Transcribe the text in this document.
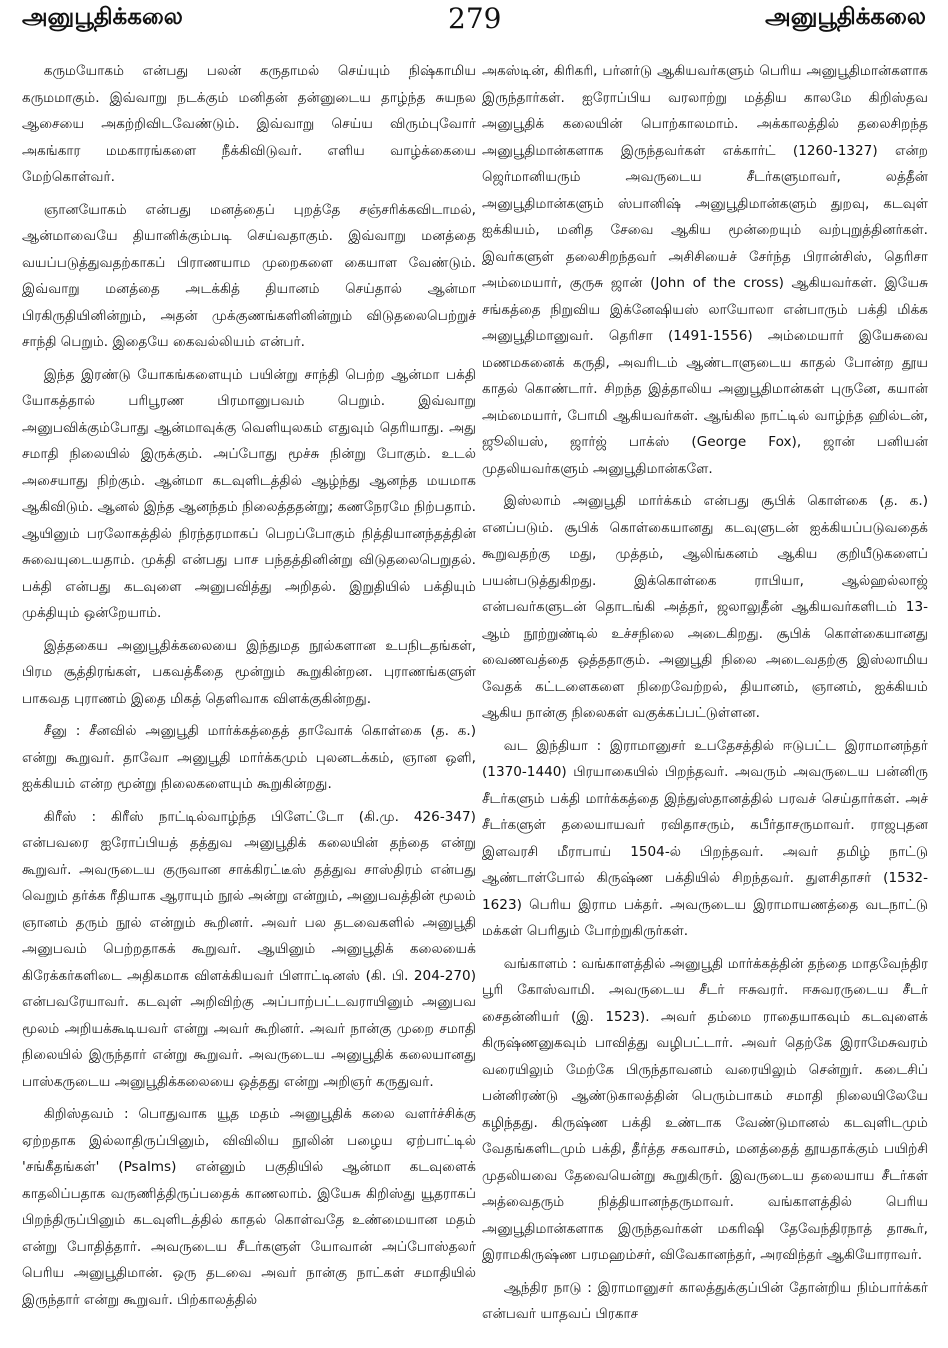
அனுபூதிக்கலை	279	அனுபூதிக்கலை

கருமயோகம் என்பது பலன் கருதாமல் செய்யும் நிஷ்காமிய கருமமாகும். இவ்வாறு நடக்கும் மனிதன் தன்னுடைய தாழ்ந்த சுயநல ஆசையை அகற்றிவிடவேண்டும். இவ்வாறு செய்ய விரும்புவோர் அகங்கார மமகாரங்களை நீக்கிவிடுவர். எளிய வாழ்க்கையை மேற்கொள்வர்.

ஞானயோகம் என்பது மனத்தைப் புறத்தே சஞ்சரிக்கவிடாமல், ஆன்மாவையே தியானிக்கும்படி செய்வதாகும். இவ்வாறு மனத்தை வயப்படுத்துவதற்காகப் பிராணயாம முறைகளை கையாள வேண்டும். இவ்வாறு மனத்தை அடக்கித் தியானம் செய்தால் ஆன்மா பிரகிருதியினின்றும், அதன் முக்குணங்களினின்றும் விடுதலைபெற்றுச் சாந்தி பெறும். இதையே கைவல்லியம் என்பர்.

இந்த இரண்டு யோகங்களையும் பயின்று சாந்தி பெற்ற ஆன்மா பக்தி யோகத்தால் பரிபூரண பிரமானுபவம் பெறும். இவ்வாறு அனுபவிக்கும்போது ஆன்மாவுக்கு வெளியுலகம் எதுவும் தெரியாது. அது சமாதி நிலையில் இருக்கும். அப்போது மூச்சு நின்று போகும். உடல் அசையாது நிற்கும். ஆன்மா கடவுளிடத்தில் ஆழ்ந்து ஆனந்த மயமாக ஆகிவிடும். ஆனல் இந்த ஆனந்தம் நிலைத்ததன்று; கணநேரமே நிற்பதாம். ஆயினும் பரலோகத்தில் நிரந்தரமாகப் பெறப்போகும் நித்தியானந்தத்தின் சுவையுடையதாம். முக்தி என்பது பாச பந்தத்தினின்று விடுதலைபெறுதல். பக்தி என்பது கடவுளை அனுபவித்து அறிதல். இறுதியில் பக்தியும் முக்தியும் ஒன்றேயாம்.

இத்தகைய அனுபூதிக்கலையை இந்துமத நூல்களான உபநிடதங்கள், பிரம சூத்திரங்கள், பகவத்கீதை மூன்றும் கூறுகின்றன. புராணங்களுள் பாகவத புராணம் இதை மிகத் தெளிவாக விளக்குகின்றது.

சீனு : சீனவில் அனுபூதி மார்க்கத்தைத் தாவோக் கொள்கை (த. க.) என்று கூறுவர். தாவோ அனுபூதி மார்க்கமும் புலனடக்கம், ஞான ஒளி, ஐக்கியம் என்ற மூன்று நிலைகளையும் கூறுகின்றது.

கிரீஸ் : கிரீஸ் நாட்டில்வாழ்ந்த பிளேட்டோ (கி.மு. 426-347) என்பவரை ஐரோப்பியத் தத்துவ அனுபூதிக் கலையின் தந்தை என்று கூறுவர். அவருடைய குருவான சாக்கிரட்டீஸ் தத்துவ சாஸ்திரம் என்பது வெறும் தர்க்க ரீதியாக ஆராயும் நூல் அன்று என்றும், அனுபவத்தின் மூலம் ஞானம் தரும் நூல் என்றும் கூறினர். அவர் பல தடவைகளில் அனுபூதி அனுபவம் பெற்றதாகக் கூறுவர். ஆயினும் அனுபூதிக் கலையைக் கிரேக்கர்களிடை அதிகமாக விளக்கியவர் பிளாட்டினஸ் (கி. பி. 204-270) என்பவரேயாவர். கடவுள் அறிவிற்கு அப்பாற்பட்டவராயினும் அனுபவ மூலம் அறியக்கூடியவர் என்று அவர் கூறினர். அவர் நான்கு முறை சமாதி நிலையில் இருந்தார் என்று கூறுவர். அவருடைய அனுபூதிக் கலையானது பாஸ்கருடைய அனுபூதிக்கலையை ஒத்தது என்று அறிஞர் கருதுவர்.

கிறிஸ்தவம் : பொதுவாக யூத மதம் அனுபூதிக் கலை வளர்ச்சிக்கு ஏற்றதாக இல்லாதிருப்பினும், விவிலிய நூலின் பழைய ஏற்பாட்டில் 'சங்கீதங்கள்' (Psalms) என்னும் பகுதியில் ஆன்மா கடவுளைக் காதலிப்பதாக வருணித்திருப்பதைக் காணலாம். இயேசு கிறிஸ்து யூதராகப் பிறந்திருப்பினும் கடவுளிடத்தில் காதல் கொள்வதே உண்மையான மதம் என்று போதித்தார். அவருடைய சீடர்களுள் யோவான் அப்போஸ்தலர் பெரிய அனுபூதிமான். ஒரு தடவை அவர் நான்கு நாட்கள் சமாதியில் இருந்தார் என்று கூறுவர். பிற்காலத்தில்

அகஸ்டின், கிரிகரி, பர்னர்டு ஆகியவர்களும் பெரிய அனுபூதிமான்களாக இருந்தார்கள். ஐரோப்பிய வரலாற்று மத்திய காலமே கிறிஸ்தவ அனுபூதிக் கலையின் பொற்காலமாம். அக்காலத்தில் தலைசிறந்த அனுபூதிமான்களாக இருந்தவர்கள் எக்கார்ட் (1260-1327) என்ற ஜெர்மானியரும் அவருடைய சீடர்களுமாவர், லத்தீன் அனுபூதிமான்களும் ஸ்பானிஷ் அனுபூதிமான்களும் துறவு, கடவுள் ஐக்கியம், மனித சேவை ஆகிய மூன்றையும் வற்புறுத்தினர்கள். இவர்களுள் தலைசிறந்தவர் அசிசியைச் சேர்ந்த பிரான்சிஸ், தெரிசா அம்மையார், குருசு ஜான் (John of the cross) ஆகியவர்கள். இயேசு சங்கத்தை நிறுவிய இக்னேஷியஸ் லாயோலா என்பாரும் பக்தி மிக்க அனுபூதிமானுவர். தெரிசா (1491-1556) அம்மையார் இயேசுவை மணமகனைக் கருதி, அவரிடம் ஆண்டாளுடைய காதல் போன்ற தூய காதல் கொண்டார். சிறந்த இத்தாலிய அனுபூதிமான்கள் புருனே, கயான் அம்மையார், போமி ஆகியவர்கள். ஆங்கில நாட்டில் வாழ்ந்த ஹில்டன், ஜூலியஸ், ஜார்ஜ் பாக்ஸ் (George Fox), ஜான் பனியன் முதலியவர்களும் அனுபூதிமான்களே.

இஸ்லாம் அனுபூதி மார்க்கம் என்பது சூபிக் கொள்கை (த. க.) எனப்படும். சூபிக் கொள்கையானது கடவுளுடன் ஐக்கியப்படுவதைக் கூறுவதற்கு மது, முத்தம், ஆலிங்கனம் ஆகிய குறியீடுகளைப் பயன்படுத்துகிறது. இக்கொள்கை ராபியா, ஆல்ஹல்லாஜ் என்பவர்களுடன் தொடங்கி அத்தர், ஜலாலுதீன் ஆகியவர்களிடம் 13-ஆம் நூற்றுண்டில் உச்சநிலை அடைகிறது. சூபிக் கொள்கையானது வைணவத்தை ஒத்ததாகும். அனுபூதி நிலை அடைவதற்கு இஸ்லாமிய வேதக் கட்டளைகளை நிறைவேற்றல், தியானம், ஞானம், ஐக்கியம் ஆகிய நான்கு நிலைகள் வகுக்கப்பட்டுள்ளன.

வட இந்தியா : இராமானுசர் உபதேசத்தில் ஈடுபட்ட இராமானந்தர் (1370-1440) பிரயாகையில் பிறந்தவர். அவரும் அவருடைய பன்னிரு சீடர்களும் பக்தி மார்க்கத்தை இந்துஸ்தானத்தில் பரவச் செய்தார்கள். அச் சீடர்களுள் தலையாயவர் ரவிதாசரும், கபீர்தாசருமாவர். ராஜபுதன இளவரசி மீராபாய் 1504-ல் பிறந்தவர். அவர் தமிழ் நாட்டு ஆண்டாள்போல் கிருஷ்ண பக்தியில் சிறந்தவர். துளசிதாசர் (1532-1623) பெரிய இராம பக்தர். அவருடைய இராமாயணத்தை வடநாட்டு மக்கள் பெரிதும் போற்றுகிருர்கள்.

வங்காளம் : வங்காளத்தில் அனுபூதி மார்க்கத்தின் தந்தை மாதவேந்திர பூரி கோஸ்வாமி. அவருடைய சீடர் ஈசுவரர். ஈசுவரருடைய சீடர் சைதன்னியர் (இ. 1523). அவர் தம்மை ராதையாகவும் கடவுளைக் கிருஷ்ணனுகவும் பாவித்து வழிபட்டார். அவர் தெற்கே இராமேசுவரம் வரையிலும் மேற்கே பிருந்தாவனம் வரையிலும் சென்றுர். கடைசிப் பன்னிரண்டு ஆண்டுகாலத்தின் பெரும்பாகம் சமாதி நிலையிலேயே கழிந்தது. கிருஷ்ண பக்தி உண்டாக வேண்டுமானல் கடவுளிடமும் வேதங்களிடமும் பக்தி, தீர்த்த சகவாசம், மனத்தைத் தூயதாக்கும் பயிற்சி முதலியவை தேவையென்று கூறுகிருர். இவருடைய தலையாய சீடர்கள் அத்வைதரும் நித்தியானந்தருமாவர். வங்காளத்தில் பெரிய அனுபூதிமான்களாக இருந்தவர்கள் மகரிஷி தேவேந்திரநாத் தாகூர், இராமகிருஷ்ண பரமஹம்சர், விவேகானந்தர், அரவிந்தர் ஆகியோராவர்.

ஆந்திர நாடு : இராமானுசர் காலத்துக்குப்பின் தோன்றிய நிம்பார்க்கர் என்பவர் யாதவப் பிரகாச
